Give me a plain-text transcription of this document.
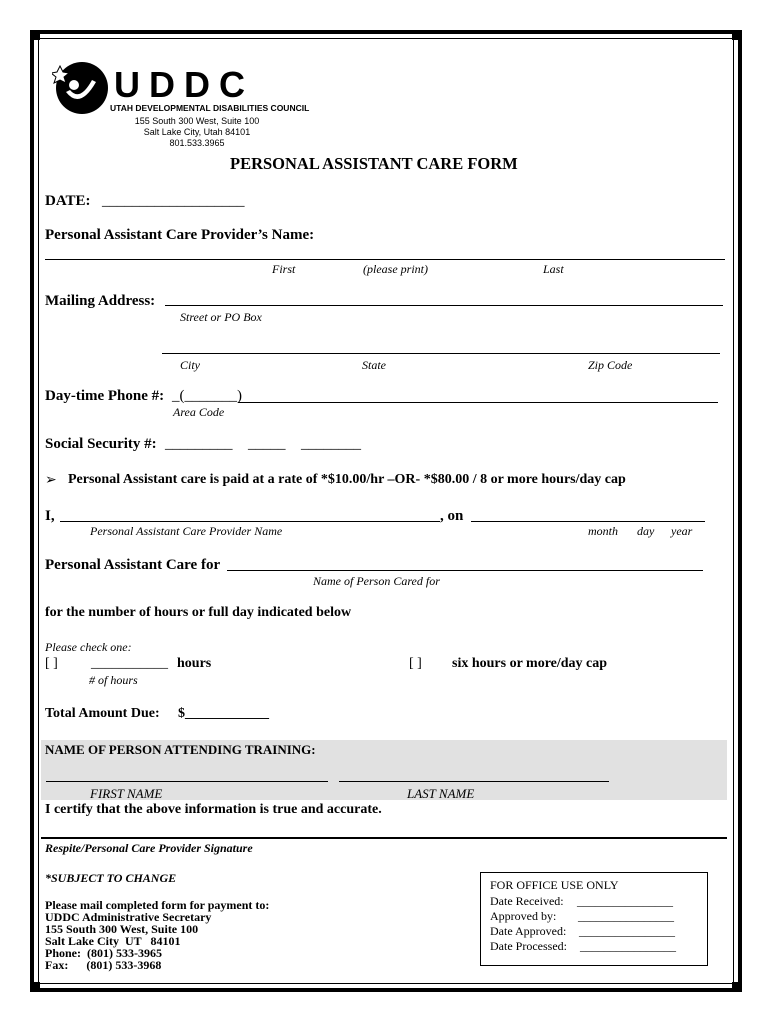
UDDC
UTAH DEVELOPMENTAL DISABILITIES COUNCIL
155 South 300 West, Suite 100
Salt Lake City, Utah 84101
801.533.3965
PERSONAL ASSISTANT CARE FORM
DATE: ___________________
Personal Assistant Care Provider’s Name:
First	(please print)	Last
Mailing Address:
Street or PO Box
City	State	Zip Code
Day-time Phone #: _(_______)
Area Code
Social Security #: _________ _____ ________
➢ Personal Assistant care is paid at a rate of *$10.00/hr –OR- *$80.00 / 8 or more hours/day cap
I,	, on
Personal Assistant Care Provider Name	month day year
Personal Assistant Care for
Name of Person Cared for
for the number of hours or full day indicated below
Please check one:
[ ] ___________ hours
# of hours
[ ] six hours or more/day cap
Total Amount Due: $____________
NAME OF PERSON ATTENDING TRAINING:
FIRST NAME	LAST NAME
I certify that the above information is true and accurate.
Respite/Personal Care Provider Signature
*SUBJECT TO CHANGE
Please mail completed form for payment to:
UDDC Administrative Secretary
155 South 300 West, Suite 100
Salt Lake City  UT   84101
Phone:  (801) 533-3965
Fax:      (801) 533-3968
FOR OFFICE USE ONLY
Date Received: ________________
Approved by: ________________
Date Approved: ________________
Date Processed: ________________
